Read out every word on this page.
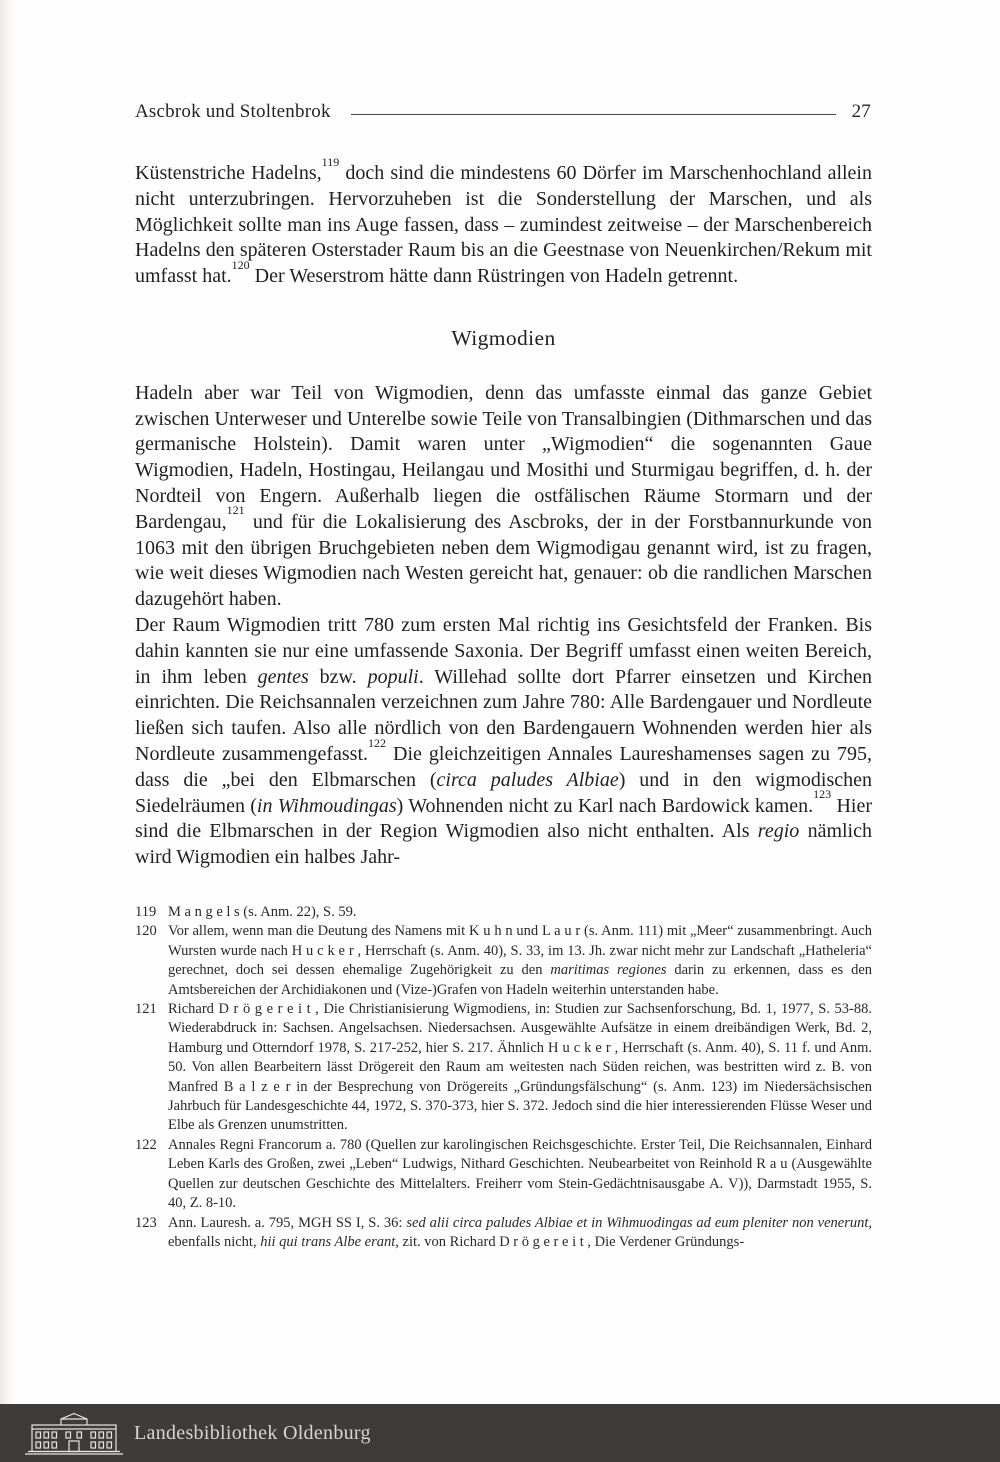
Ascbrok und Stoltenbrok	27

Küstenstriche Hadelns,$^{119}$ doch sind die mindestens 60 Dörfer im Marschenhochland allein nicht unterzubringen. Hervorzuheben ist die Sonderstellung der Marschen, und als Möglichkeit sollte man ins Auge fassen, dass – zumindest zeitweise – der Marschenbereich Hadelns den späteren Osterstader Raum bis an die Geestnase von Neuenkirchen/Rekum mit umfasst hat.$^{120}$ Der Weserstrom hätte dann Rüstringen von Hadeln getrennt.

Wigmodien

Hadeln aber war Teil von Wigmodien, denn das umfasste einmal das ganze Gebiet zwischen Unterweser und Unterelbe sowie Teile von Transalbingien (Dithmarschen und das germanische Holstein). Damit waren unter „Wigmodien“ die sogenannten Gaue Wigmodien, Hadeln, Hostingau, Heilangau und Mosithi und Sturmigau begriffen, d. h. der Nordteil von Engern. Außerhalb liegen die ostfälischen Räume Stormarn und der Bardengau,$^{121}$ und für die Lokalisierung des Ascbroks, der in der Forstbannurkunde von 1063 mit den übrigen Bruchgebieten neben dem Wigmodigau genannt wird, ist zu fragen, wie weit dieses Wigmodien nach Westen gereicht hat, genauer: ob die randlichen Marschen dazugehört haben.

Der Raum Wigmodien tritt 780 zum ersten Mal richtig ins Gesichtsfeld der Franken. Bis dahin kannten sie nur eine umfassende Saxonia. Der Begriff umfasst einen weiten Bereich, in ihm leben gentes bzw. populi. Willehad sollte dort Pfarrer einsetzen und Kirchen einrichten. Die Reichsannalen verzeichnen zum Jahre 780: Alle Bardengauer und Nordleute ließen sich taufen. Also alle nördlich von den Bardengauern Wohnenden werden hier als Nordleute zusammengefasst.$^{122}$ Die gleichzeitigen Annales Laureshamenses sagen zu 795, dass die „bei den Elbmarschen (circa paludes Albiae) und in den wigmodischen Siedelräumen (in Wihmoudingas) Wohnenden nicht zu Karl nach Bardowick kamen.$^{123}$ Hier sind die Elbmarschen in der Region Wigmodien also nicht enthalten. Als regio nämlich wird Wigmodien ein halbes Jahr-

119 M a n g e l s (s. Anm. 22), S. 59.
120 Vor allem, wenn man die Deutung des Namens mit K u h n und L a u r (s. Anm. 111) mit „Meer“ zusammenbringt. Auch Wursten wurde nach H u c k e r , Herrschaft (s. Anm. 40), S. 33, im 13. Jh. zwar nicht mehr zur Landschaft „Hatheleria“ gerechnet, doch sei dessen ehemalige Zugehörigkeit zu den maritimas regiones darin zu erkennen, dass es den Amtsbereichen der Archidiakonen und (Vize-)Grafen von Hadeln weiterhin unterstanden habe.
121 Richard D r ö g e r e i t , Die Christianisierung Wigmodiens, in: Studien zur Sachsenforschung, Bd. 1, 1977, S. 53-88. Wiederabdruck in: Sachsen. Angelsachsen. Niedersachsen. Ausgewählte Aufsätze in einem dreibändigen Werk, Bd. 2, Hamburg und Otterndorf 1978, S. 217-252, hier S. 217. Ähnlich H u c k e r , Herrschaft (s. Anm. 40), S. 11 f. und Anm. 50. Von allen Bearbeitern lässt Drögereit den Raum am weitesten nach Süden reichen, was bestritten wird z. B. von Manfred B a l z e r in der Besprechung von Drögereits „Gründungsfälschung“ (s. Anm. 123) im Niedersächsischen Jahrbuch für Landesgeschichte 44, 1972, S. 370-373, hier S. 372. Jedoch sind die hier interessierenden Flüsse Weser und Elbe als Grenzen unumstritten.
122 Annales Regni Francorum a. 780 (Quellen zur karolingischen Reichsgeschichte. Erster Teil, Die Reichsannalen, Einhard Leben Karls des Großen, zwei „Leben“ Ludwigs, Nithard Geschichten. Neubearbeitet von Reinhold R a u (Ausgewählte Quellen zur deutschen Geschichte des Mittelalters. Freiherr vom Stein-Gedächtnisausgabe A. V)), Darmstadt 1955, S. 40, Z. 8-10.
123 Ann. Lauresh. a. 795, MGH SS I, S. 36: sed alii circa paludes Albiae et in Wihmuodingas ad eum pleniter non venerunt, ebenfalls nicht, hii qui trans Albe erant, zit. von Richard D r ö g e r e i t , Die Verdener Gründungs-
Landesbibliothek Oldenburg
